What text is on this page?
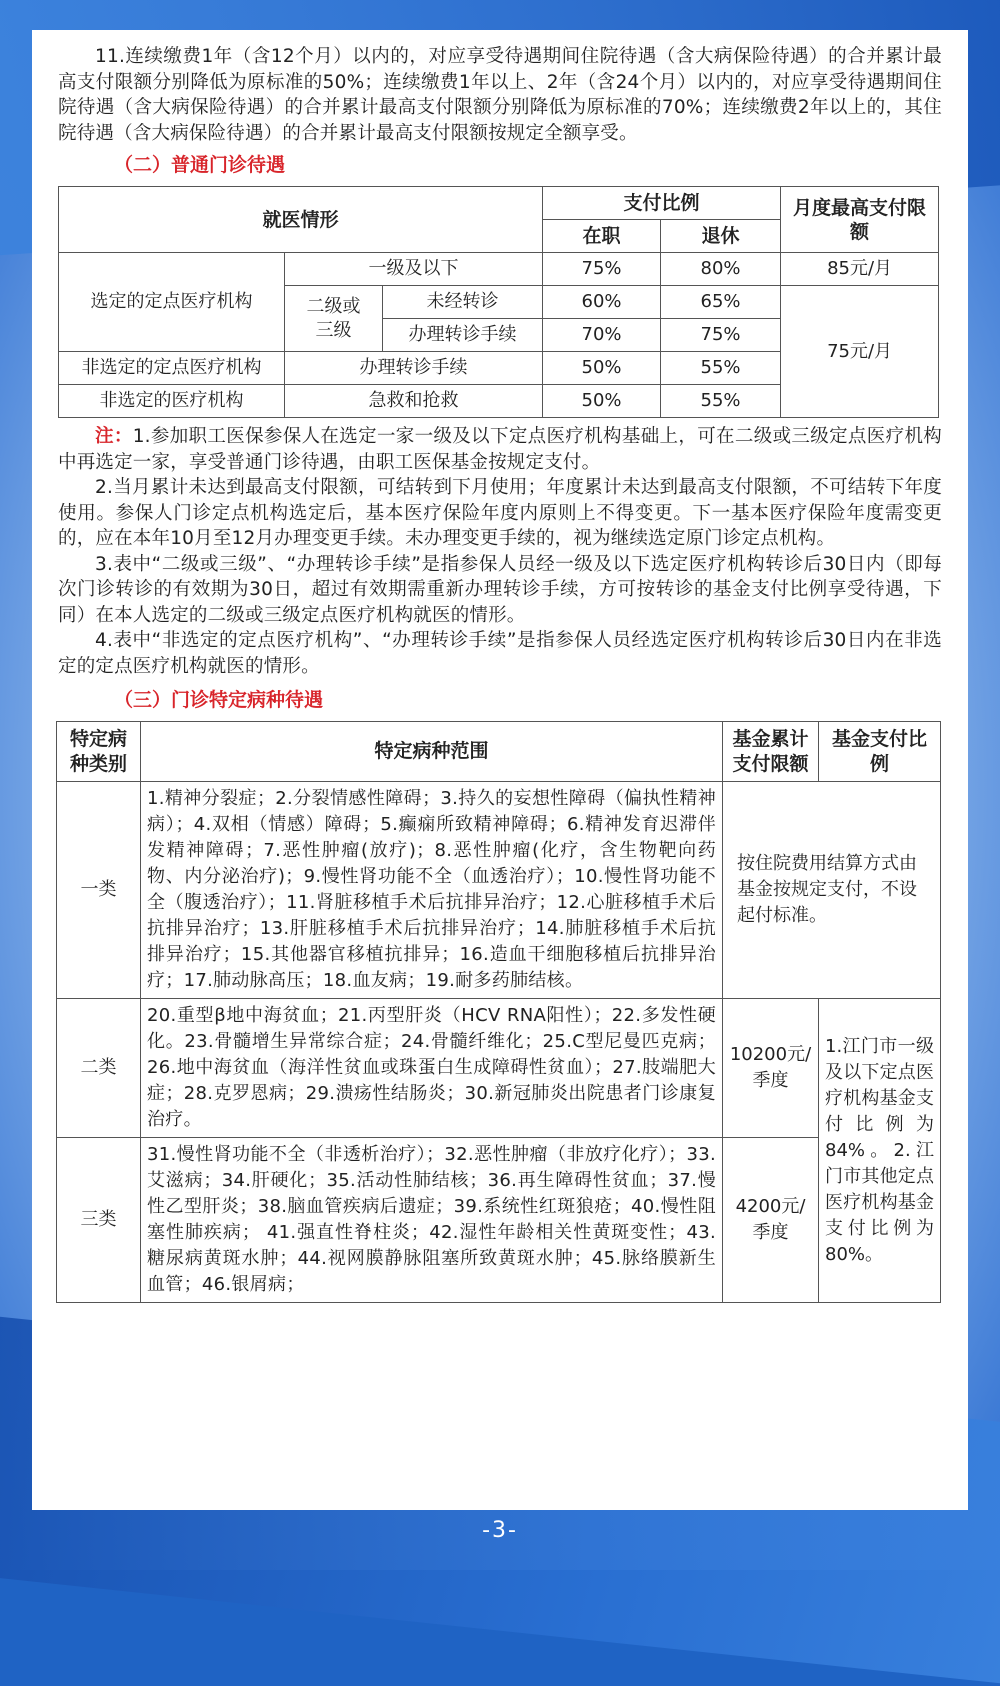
11.连续缴费1年（含12个月）以内的，对应享受待遇期间住院待遇（含大病保险待遇）的合并累计最高支付限额分别降低为原标准的50%；连续缴费1年以上、2年（含24个月）以内的，对应享受待遇期间住院待遇（含大病保险待遇）的合并累计最高支付限额分别降低为原标准的70%；连续缴费2年以上的，其住院待遇（含大病保险待遇）的合并累计最高支付限额按规定全额享受。

（二）普通门诊待遇
就医情形			支付比例		月度最高支付限额
			在职	退休	
选定的定点医疗机构	一级及以下		75%	80%	85元/月
	二级或三级	未经转诊	60%	65%	75元/月
		办理转诊手续	70%	75%	
非选定的定点医疗机构	办理转诊手续		50%	55%	
非选定的医疗机构	急救和抢救		50%	55%	

注：1.参加职工医保参保人在选定一家一级及以下定点医疗机构基础上，可在二级或三级定点医疗机构中再选定一家，享受普通门诊待遇，由职工医保基金按规定支付。

2.当月累计未达到最高支付限额，可结转到下月使用；年度累计未达到最高支付限额，不可结转下年度使用。参保人门诊定点机构选定后，基本医疗保险年度内原则上不得变更。下一基本医疗保险年度需变更的，应在本年10月至12月办理变更手续。未办理变更手续的，视为继续选定原门诊定点机构。

3.表中“二级或三级”、“办理转诊手续”是指参保人员经一级及以下选定医疗机构转诊后30日内（即每次门诊转诊的有效期为30日，超过有效期需重新办理转诊手续，方可按转诊的基金支付比例享受待遇，下同）在本人选定的二级或三级定点医疗机构就医的情形。

4.表中“非选定的定点医疗机构”、“办理转诊手续”是指参保人员经选定医疗机构转诊后30日内在非选定的定点医疗机构就医的情形。

（三）门诊特定病种待遇
特定病种类别	特定病种范围	基金累计支付限额	基金支付比例
一类	1.精神分裂症；2.分裂情感性障碍；3.持久的妄想性障碍（偏执性精神病）；4.双相（情感）障碍；5.癫痫所致精神障碍；6.精神发育迟滞伴发精神障碍；7.恶性肿瘤(放疗)；8.恶性肿瘤(化疗，含生物靶向药物、内分泌治疗)；9.慢性肾功能不全（血透治疗）；10.慢性肾功能不全（腹透治疗）；11.肾脏移植手术后抗排异治疗；12.心脏移植手术后抗排异治疗；13.肝脏移植手术后抗排异治疗；14.肺脏移植手术后抗排异治疗；15.其他器官移植抗排异；16.造血干细胞移植后抗排异治疗；17.肺动脉高压；18.血友病；19.耐多药肺结核。	按住院费用结算方式由基金按规定支付，不设起付标准。	
二类	20.重型β地中海贫血；21.丙型肝炎（HCV RNA阳性）；22.多发性硬化。23.骨髓增生异常综合症；24.骨髓纤维化；25.C型尼曼匹克病；26.地中海贫血（海洋性贫血或珠蛋白生成障碍性贫血）；27.肢端肥大症；28.克罗恩病；29.溃疡性结肠炎；30.新冠肺炎出院患者门诊康复治疗。	10200元/季度	1.江门市一级及以下定点医疗机构基金支付比例为84%。2.江门市其他定点医疗机构基金支付比例为80%。
三类	31.慢性肾功能不全（非透析治疗）；32.恶性肿瘤（非放疗化疗）；33.艾滋病；34.肝硬化；35.活动性肺结核；36.再生障碍性贫血；37.慢性乙型肝炎；38.脑血管疾病后遗症；39.系统性红斑狼疮；40.慢性阻塞性肺疾病； 41.强直性脊柱炎；42.湿性年龄相关性黄斑变性；43.糖尿病黄斑水肿；44.视网膜静脉阻塞所致黄斑水肿；45.脉络膜新生血管；46.银屑病；	4200元/季度	
-3-
